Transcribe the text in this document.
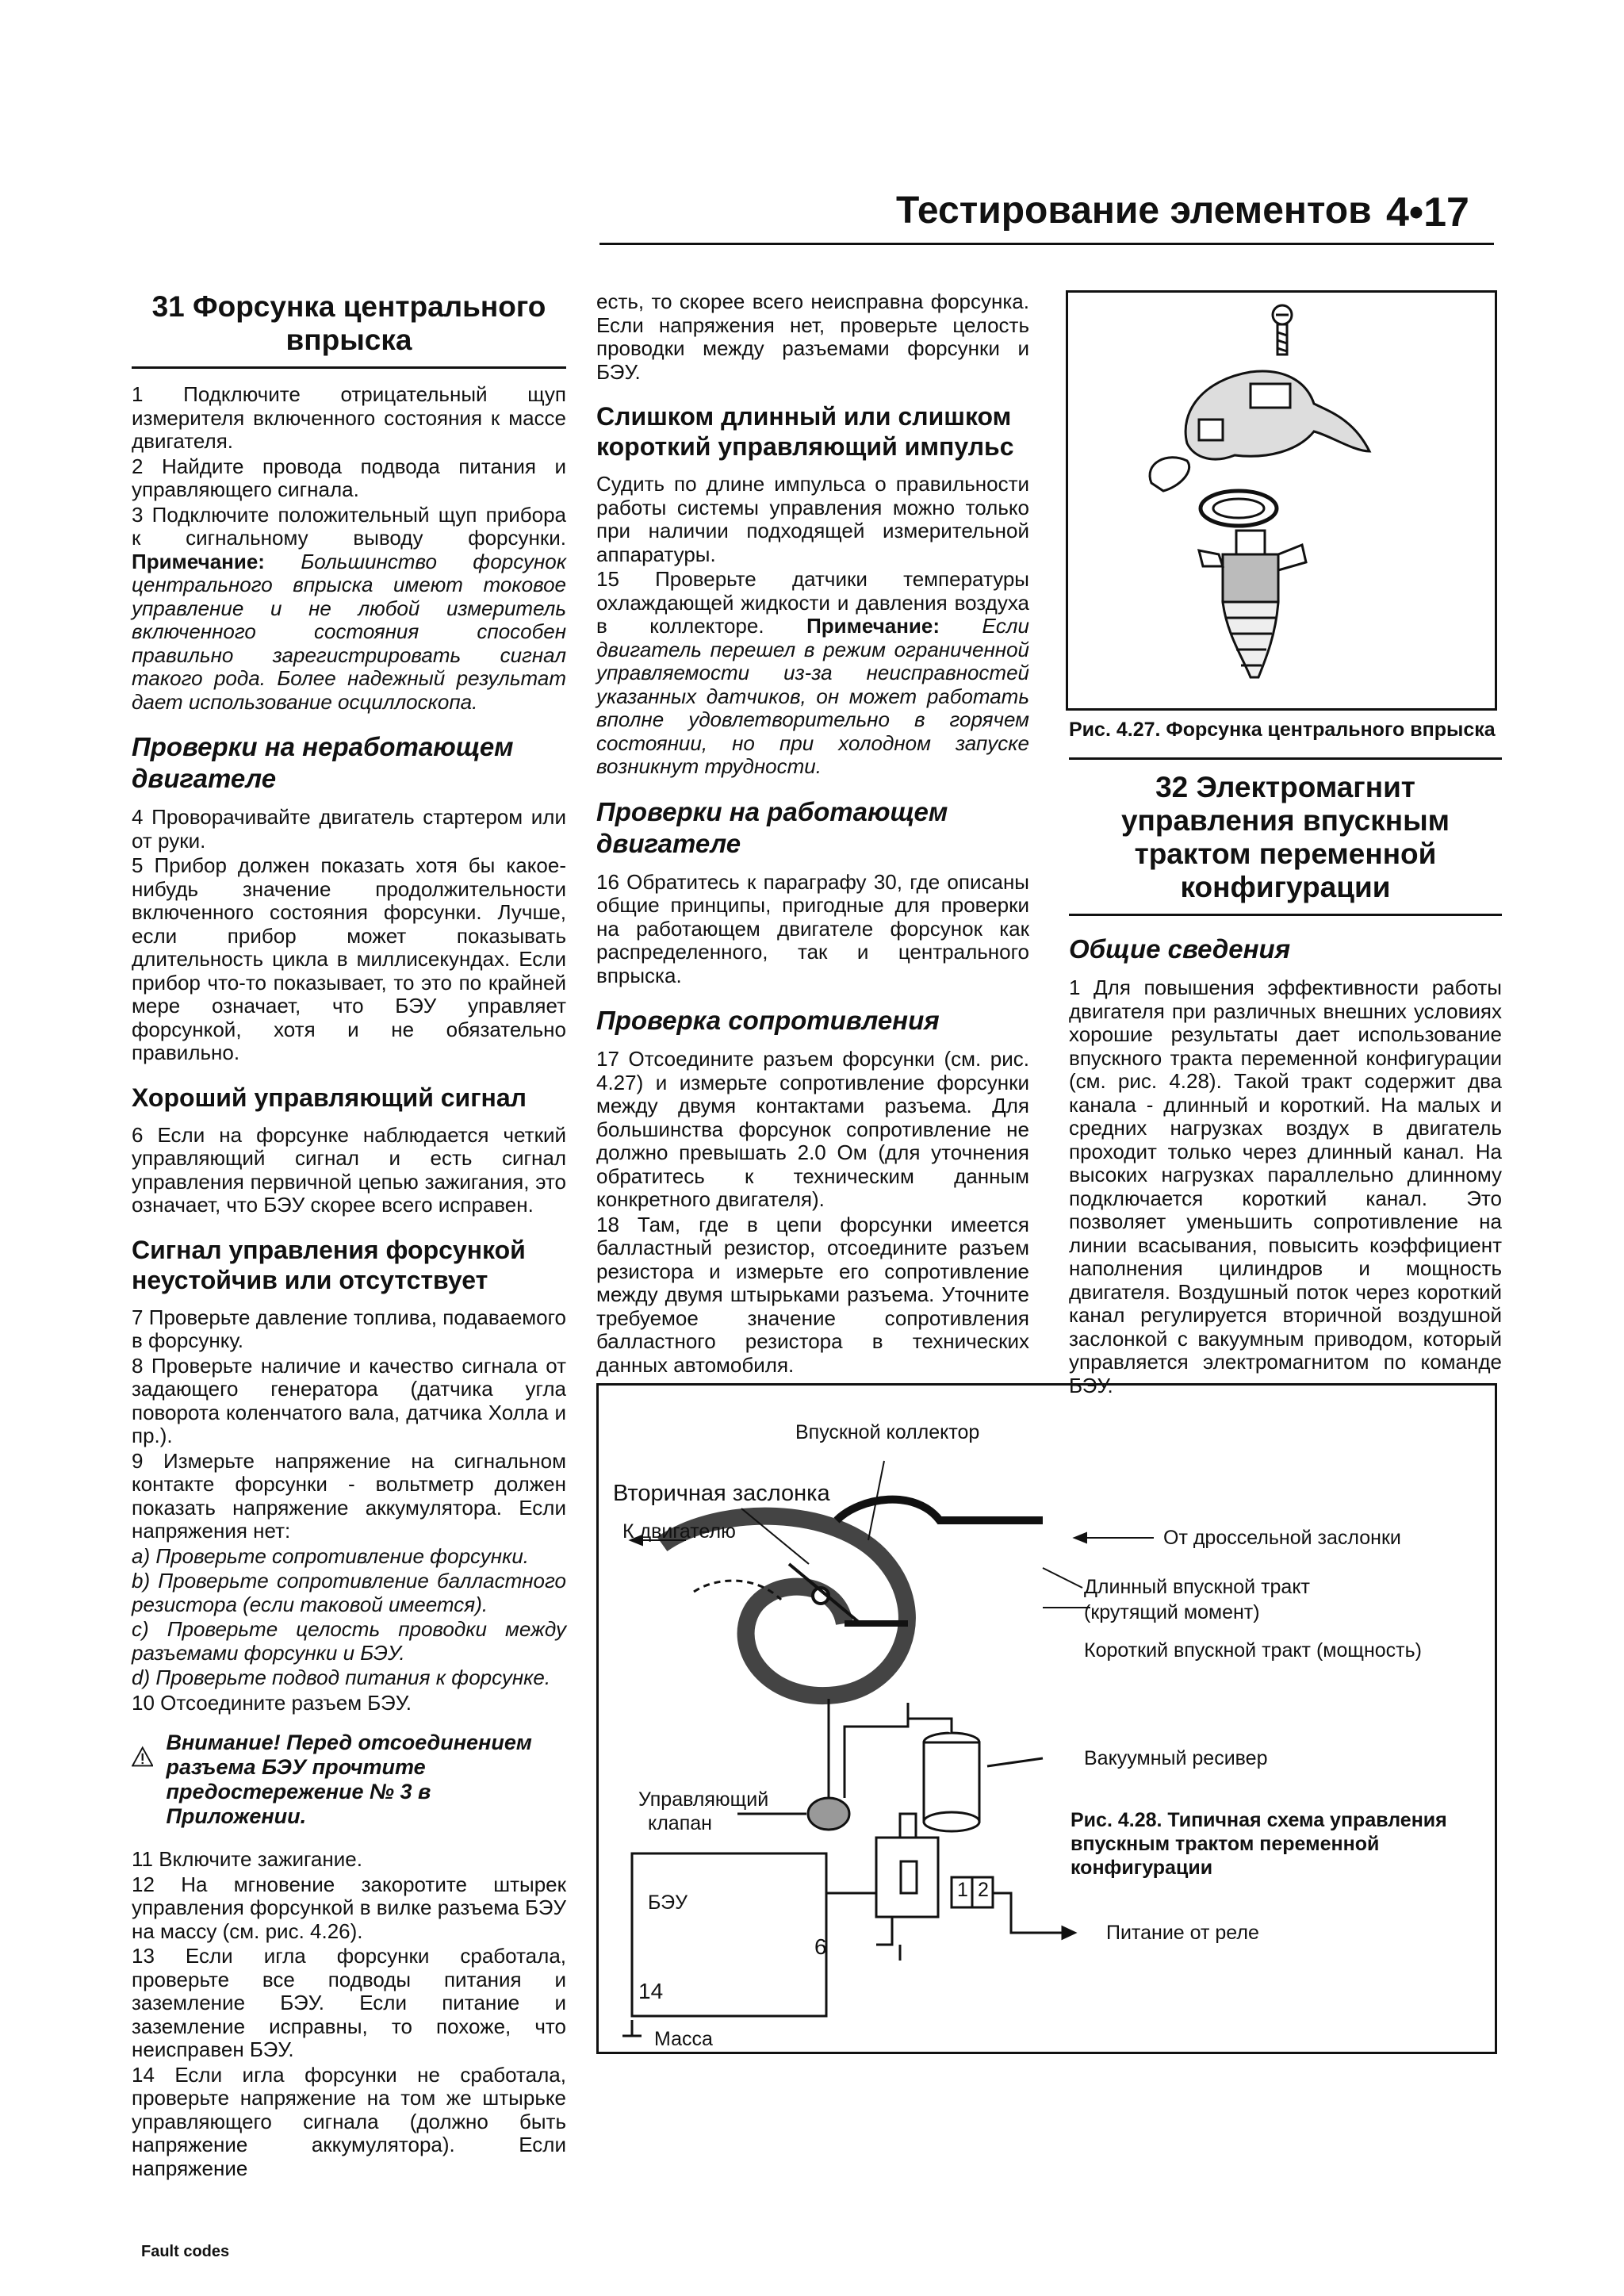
Тестирование элементов 4•17
31 Форсунка центрального впрыска

1 Подключите отрицательный щуп измерителя включенного состояния к массе двигателя.

2 Найдите провода подвода питания и управляющего сигнала.

3 Подключите положительный щуп прибора к сигнальному выводу форсунки. Примечание: Большинство форсунок центрального впрыска имеют токовое управление и не любой измеритель включенного состояния способен правильно зарегистрировать сигнал такого рода. Более надежный результат дает использование осциллоскопа.

Проверки на неработающем двигателе

4 Проворачивайте двигатель стартером или от руки.

5 Прибор должен показать хотя бы какое-нибудь значение продолжительности включенного состояния форсунки. Лучше, если прибор может показывать длительность цикла в миллисекундах. Если прибор что-то показывает, то это по крайней мере означает, что БЭУ управляет форсункой, хотя и не обязательно правильно.

Хороший управляющий сигнал

6 Если на форсунке наблюдается четкий управляющий сигнал и есть сигнал управления первичной цепью зажигания, это означает, что БЭУ скорее всего исправен.

Сигнал управления форсункой неустойчив или отсутствует

7 Проверьте давление топлива, подаваемого в форсунку.

8 Проверьте наличие и качество сигнала от задающего генератора (датчика угла поворота коленчатого вала, датчика Холла и пр.).

9 Измерьте напряжение на сигнальном контакте форсунки - вольтметр должен показать напряжение аккумулятора. Если напряжения нет:

a) Проверьте сопротивление форсунки.

b) Проверьте сопротивление балластного резистора (если таковой имеется).

c) Проверьте целость проводки между разъемами форсунки и БЭУ.

d) Проверьте подвод питания к форсунке.

10 Отсоедините разъем БЭУ.

Внимание! Перед отсоединением разъема БЭУ прочтите предостережение № 3 в Приложении.

11 Включите зажигание.

12 На мгновение закоротите штырек управления форсункой в вилке разъема БЭУ на массу (см. рис. 4.26).

13 Если игла форсунки сработала, проверьте все подводы питания и заземление БЭУ. Если питание и заземление исправны, то похоже, что неисправен БЭУ.

14 Если игла форсунки не сработала, проверьте напряжение на том же штырьке управляющего сигнала (должно быть напряжение аккумулятора). Если напряжение

есть, то скорее всего неисправна форсунка. Если напряжения нет, проверьте целость проводки между разъемами форсунки и БЭУ.

Слишком длинный или слишком короткий управляющий импульс

Судить по длине импульса о правильности работы системы управления можно только при наличии подходящей измерительной аппаратуры.

15 Проверьте датчики температуры охлаждающей жидкости и давления воздуха в коллекторе. Примечание: Если двигатель перешел в режим ограниченной управляемости из-за неисправностей указанных датчиков, он может работать вполне удовлетворительно в горячем состоянии, но при холодном запуске возникнут трудности.

Проверки на работающем двигателе

16 Обратитесь к параграфу 30, где описаны общие принципы, пригодные для проверки на работающем двигателе форсунок как распределенного, так и центрального впрыска.

Проверка сопротивления

17 Отсоедините разъем форсунки (см. рис. 4.27) и измерьте сопротивление форсунки между двумя контактами разъема. Для большинства форсунок сопротивление не должно превышать 2.0 Ом (для уточнения обратитесь к техническим данным конкретного двигателя).

18 Там, где в цепи форсунки имеется балластный резистор, отсоедините разъем резистора и измерьте его сопротивление между двумя штырьками разъема. Уточните требуемое значение сопротивления балластного резистора в технических данных автомобиля.

Рис. 4.27. Форсунка центрального впрыска
32 Электромагнит управления впускным трактом переменной конфигурации
Общие сведения

1 Для повышения эффективности работы двигателя при различных внешних условиях хорошие результаты дает использование впускного тракта переменной конфигурации (см. рис. 4.28). Такой тракт содержит два канала - длинный и короткий. На малых и средних нагрузках воздух в двигатель проходит только через длинный канал. На высоких нагрузках параллельно длинному подключается короткий канал. Это позволяет уменьшить сопротивление на линии всасывания, повысить коэффициент наполнения цилиндров и мощность двигателя. Воздушный поток через короткий канал регулируется вторичной воздушной заслонкой с вакуумным приводом, который управляется электромагнитом по команде БЭУ.

Впускной коллектор
Вторичная заслонка
К двигателю	От дроссельной заслонки
Длинный впускной тракт
(крутящий момент)
Короткий впускной тракт (мощность)
Вакуумный ресивер
Управляющий
клапан
БЭУ
6
14
1 2
Питание от реле
Масса
Рис. 4.28. Типичная схема управления впускным трактом переменной конфигурации
Fault codes
